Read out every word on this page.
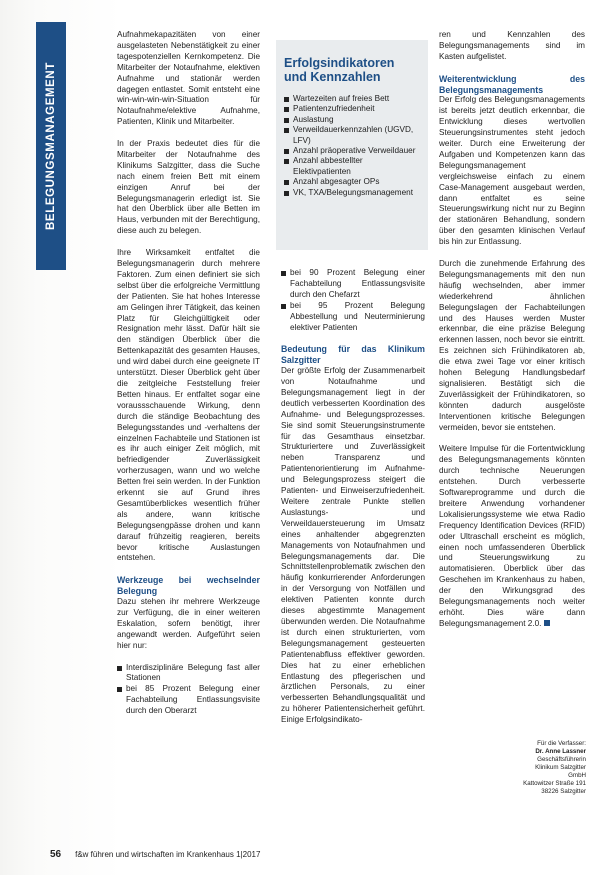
BELEGUNGSMANAGEMENT

Aufnahmekapazitäten von einer ausgelasteten Nebenstätigkeit zu einer tagespotenziellen Kernkompetenz. Die Mitarbeiter der Notaufnahme, elektiven Aufnahme und stationär werden dagegen entlastet. Somit entsteht eine win-win-win-win-Situation für Notaufnahme/elektive Aufnahme, Patienten, Klinik und Mitarbeiter.

In der Praxis bedeutet dies für die Mitarbeiter der Notaufnahme des Klinikums Salzgitter, dass die Suche nach einem freien Bett mit einem einzigen Anruf bei der Belegungsmanagerin erledigt ist. Sie hat den Überblick über alle Betten im Haus, verbunden mit der Berechtigung, diese auch zu belegen.

Ihre Wirksamkeit entfaltet die Belegungsmanagerin durch mehrere Faktoren. Zum einen definiert sie sich selbst über die erfolgreiche Vermittlung der Patienten. Sie hat hohes Interesse am Gelingen ihrer Tätigkeit, das keinen Platz für Gleichgültigkeit oder Resignation mehr lässt. Dafür hält sie den ständigen Überblick über die Bettenkapazität des gesamten Hauses, und wird dabei durch eine geeignete IT unterstützt. Dieser Überblick geht über die zeitgleiche Feststellung freier Betten hinaus. Er entfaltet sogar eine voraussschauende Wirkung, denn durch die ständige Beobachtung des Belegungsstandes und -verhaltens der einzelnen Fachabteile und Stationen ist es ihr auch einiger Zeit möglich, mit befriedigender Zuverlässigkeit vorherzusagen, wann und wo welche Betten frei sein werden. In der Funktion erkennt sie auf Grund ihres Gesamtüberblickes wesentlich früher als andere, wann kritische Belegungsengpässe drohen und kann darauf frühzeitig reagieren, bereits bevor kritische Auslastungen entstehen.

Werkzeuge bei wechselnder Belegung

Dazu stehen ihr mehrere Werkzeuge zur Verfügung, die in einer weiteren Eskalation, sofern benötigt, ihrer angewandt werden. Aufgeführt seien hier nur:

Interdisziplinäre Belegung fast aller Stationen
bei 85 Prozent Belegung einer Fachabteilung Entlassungsvisite durch den Oberarzt
Erfolgsindikatoren und Kennzahlen
Wartezeiten auf freies Bett
Patientenzufriedenheit
Auslastung
Verweildauerkennzahlen (UGVD, LFV)
Anzahl präoperative Verweildauer
Anzahl abbestellter Elektivpatienten
Anzahl abgesagter OPs
VK, TXA/Belegungsmanagement
bei 90 Prozent Belegung einer Fachabteilung Entlassungsvisite durch den Chefarzt
bei 95 Prozent Belegung Abbestellung und Neuterminierung elektiver Patienten
Bedeutung für das Klinikum Salzgitter

Der größte Erfolg der Zusammenarbeit von Notaufnahme und Belegungsmanagement liegt in der deutlich verbesserten Koordination des Aufnahme- und Belegungsprozesses. Sie sind somit Steuerungsinstrumente für das Gesamthaus einsetzbar. Strukturiertere und Zuverlässigkeit neben Transparenz und Patientenorientierung im Aufnahme- und Belegungsprozess steigert die Patienten- und Einweiserzufriedenheit. Weitere zentrale Punkte stellen Auslastungs- und Verweildauersteuerung im Umsatz eines anhaltender abgegrenzten Managements von Notaufnahmen und Belegungsmanagements dar. Die Schnittstellenproblematik zwischen den häufig konkurrierender Anforderungen in der Versorgung von Notfällen und elektiven Patienten konnte durch dieses abgestimmte Management überwunden werden. Die Notaufnahme ist durch einen strukturierten, vom Belegungsmanagement gesteuerten Patientenabfluss effektiver geworden. Dies hat zu einer erheblichen Entlastung des pflegerischen und ärztlichen Personals, zu einer verbesserten Behandlungsqualität und zu höherer Patientensicherheit geführt. Einige Erfolgsindikato-

ren und Kennzahlen des Belegungsmanagements sind im Kasten aufgelistet.

Weiterentwicklung des Belegungsmanagements

Der Erfolg des Belegungsmanagements ist bereits jetzt deutlich erkennbar, die Entwicklung dieses wertvollen Steuerungsinstrumentes steht jedoch weiter. Durch eine Erweiterung der Aufgaben und Kompetenzen kann das Belegungsmanagement vergleichsweise einfach zu einem Case-Management ausgebaut werden, dann entfaltet es seine Steuerungswirkung nicht nur zu Beginn der stationären Behandlung, sondern über den gesamten klinischen Verlauf bis hin zur Entlassung.

Durch die zunehmende Erfahrung des Belegungsmanagements mit den nun häufig wechselnden, aber immer wiederkehrend ähnlichen Belegungslagen der Fachabteilungen und des Hauses werden Muster erkennbar, die eine präzise Belegung erkennen lassen, noch bevor sie eintritt. Es zeichnen sich Frühindikatoren ab, die etwa zwei Tage vor einer kritisch hohen Belegung Handlungsbedarf signalisieren. Bestätigt sich die Zuverlässigkeit der Frühindikatoren, so könnten dadurch ausgelöste Interventionen kritische Belegungen vermeiden, bevor sie entstehen.

Weitere Impulse für die Fortentwicklung des Belegungsmanagements könnten durch technische Neuerungen entstehen. Durch verbesserte Softwareprogramme und durch die breitere Anwendung vorhandener Lokalisierungssysteme wie etwa Radio Frequency Identification Devices (RFID) oder Ultraschall erscheint es möglich, einen noch umfassenderen Überblick und Steuerungswirkung zu automatisieren. Überblick über das Geschehen im Krankenhaus zu haben, der den Wirkungsgrad des Belegungsmanagements noch weiter erhöht. Dies wäre dann Belegungsmanagement 2.0.

Für die Verfasser:
Dr. Anne Lassner
Geschäftsführerin
Klinikum Salzgitter GmbH
Kattowitzer Straße 191
38226 Salzgitter
56 f&w führen und wirtschaften im Krankenhaus 1|2017
